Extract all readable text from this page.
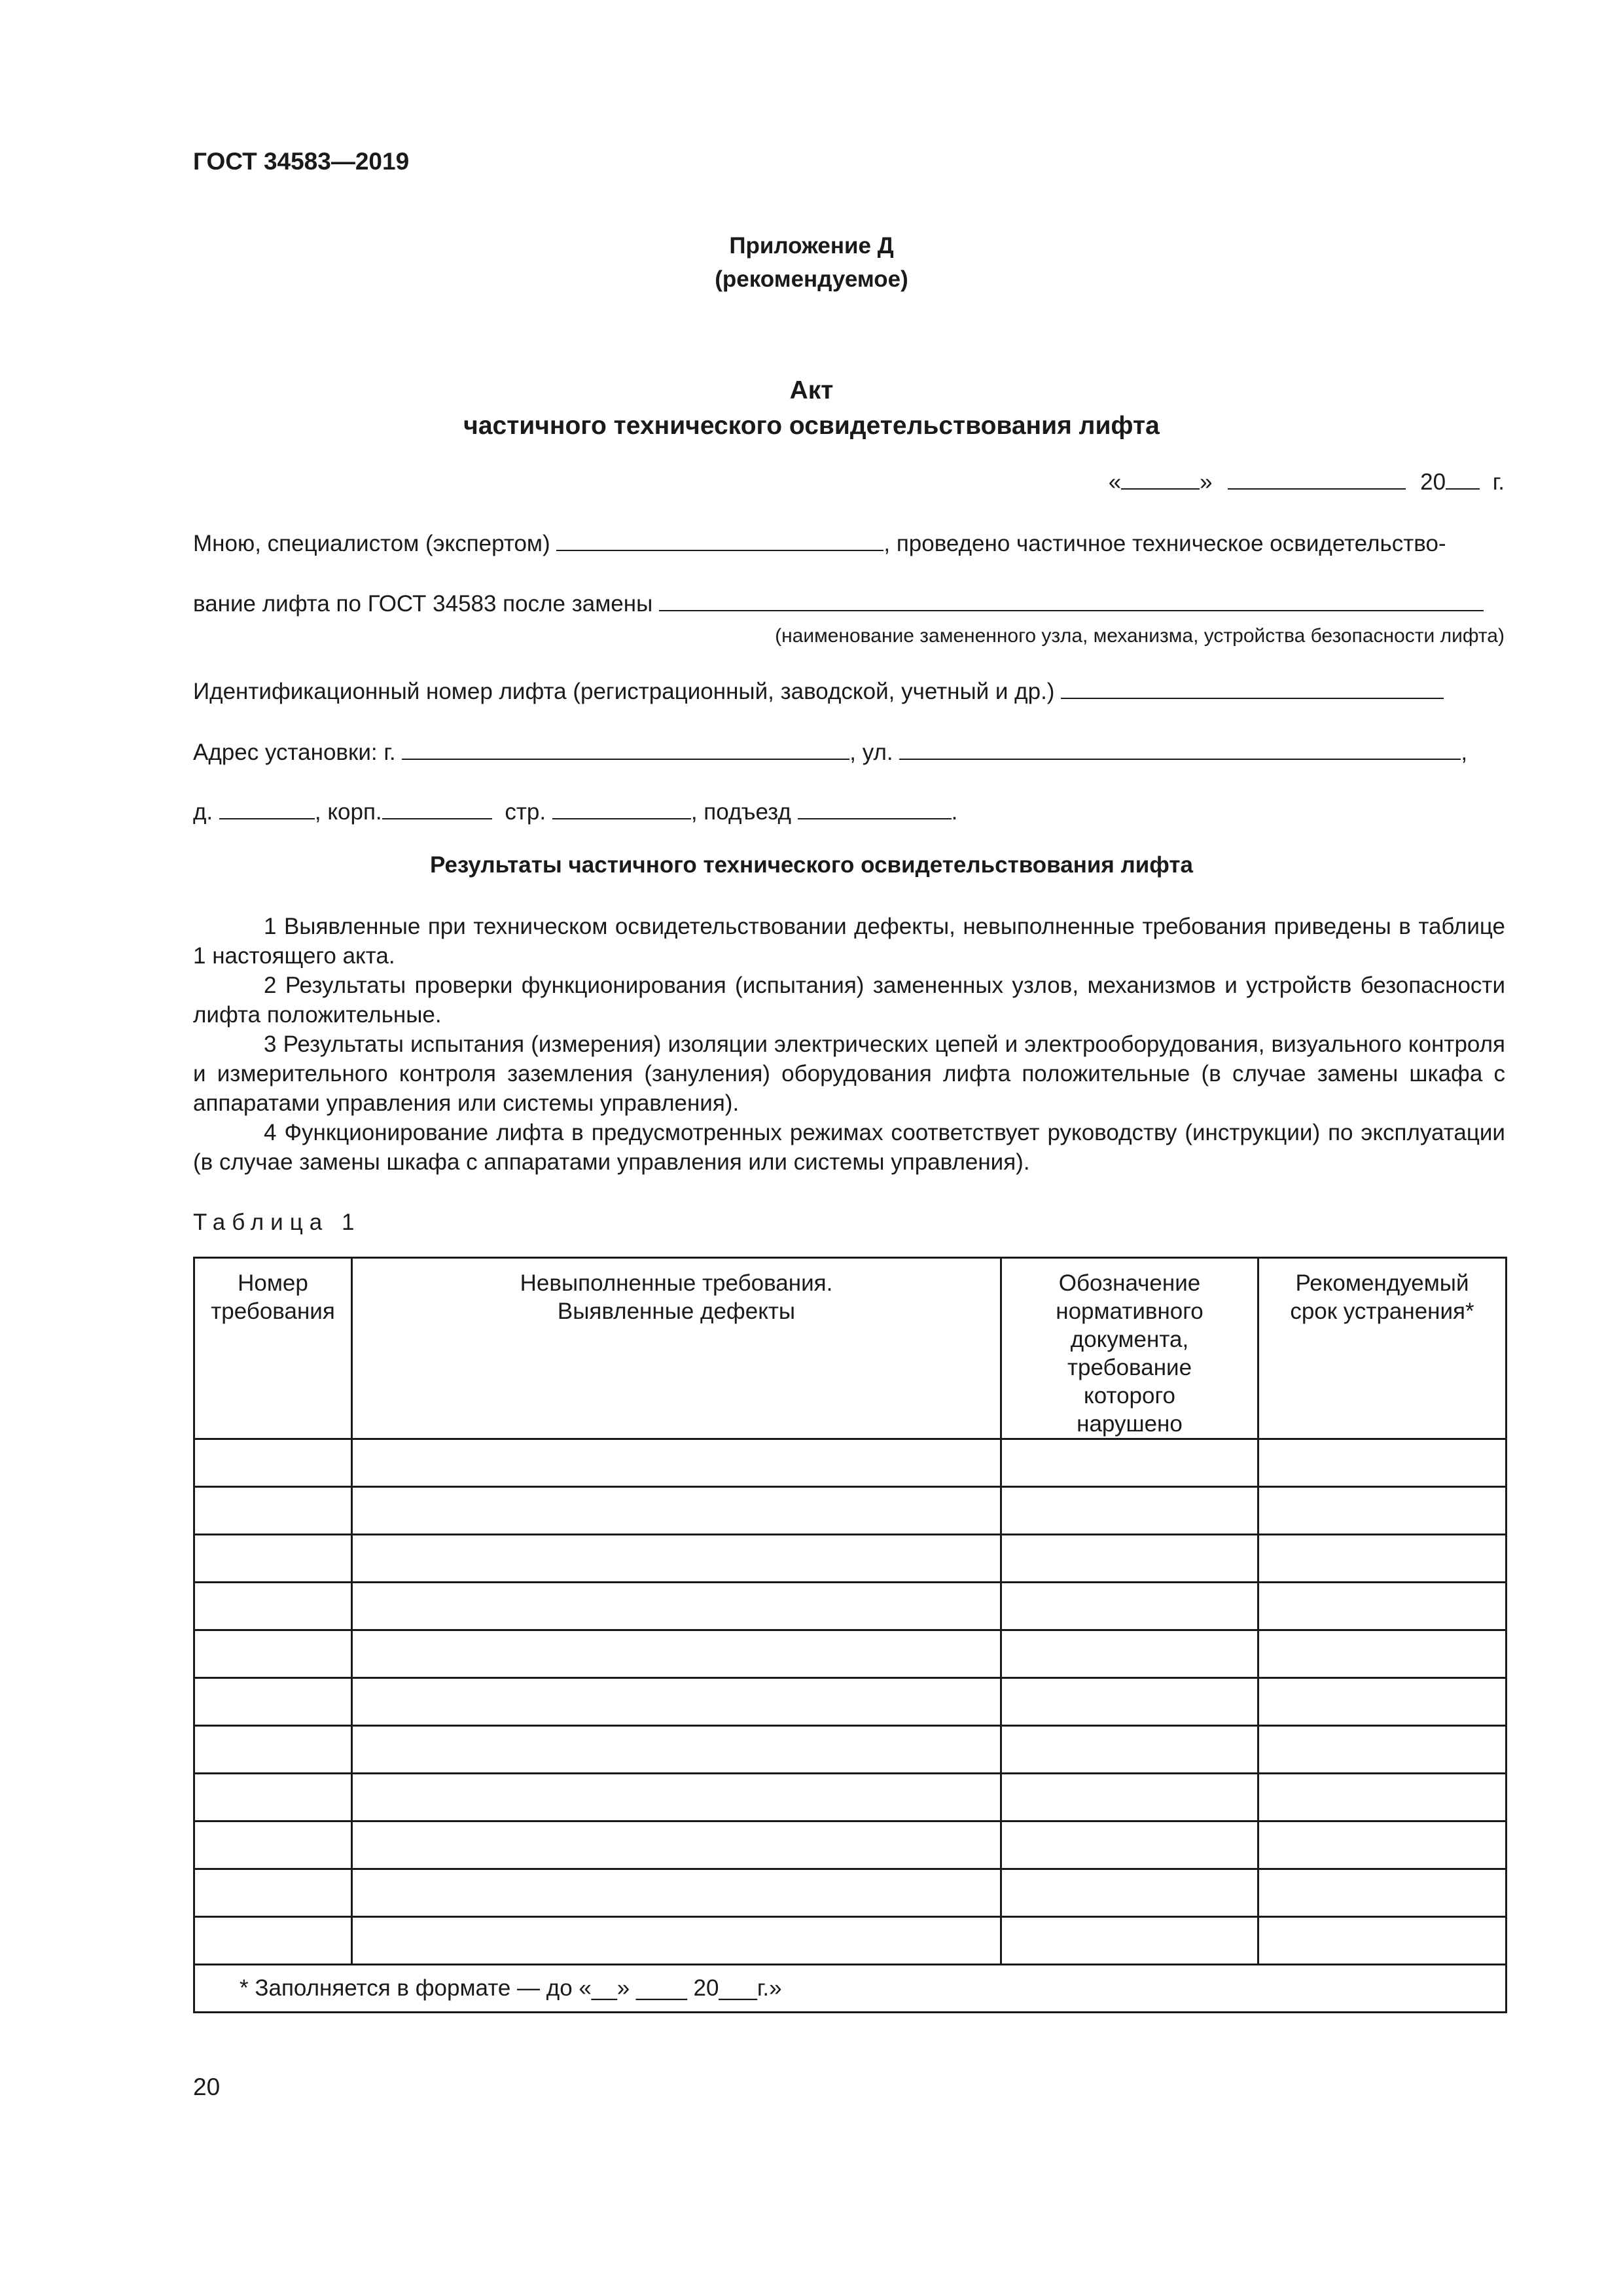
ГОСТ 34583—2019
Приложение Д
(рекомендуемое)
Акт
частичного технического освидетельствования лифта
«	»	20 г.
Мною, специалистом (экспертом)	, проведено частичное техническое освидетельство-
вание лифта по ГОСТ 34583 после замены
(наименование замененного узла, механизма, устройства безопасности лифта)
Идентификационный номер лифта (регистрационный, заводской, учетный и др.)
Адрес установки: г.	, ул.	,
д.	, корп.	стр.	, подъезд	.
Результаты частичного технического освидетельствования лифта

1 Выявленные при техническом освидетельствовании дефекты, невыполненные требования приведены в таблице 1 настоящего акта.

2 Результаты проверки функционирования (испытания) замененных узлов, механизмов и устройств безопасности лифта положительные.

3 Результаты испытания (измерения) изоляции электрических цепей и электрооборудования, визуального контроля и измерительного контроля заземления (зануления) оборудования лифта положительные (в случае замены шкафа с аппаратами управления или системы управления).

4 Функционирование лифта в предусмотренных режимах соответствует руководству (инструкции) по эксплуатации (в случае замены шкафа с аппаратами управления или системы управления).

Таблица 1
Номер требования	Невыполненные требования. Выявленные дефекты	Обозначение нормативного документа, требование которого нарушено	Рекомендуемый срок устранения*

* Заполняется в формате — до «__» ____ 20___г.»			
20
